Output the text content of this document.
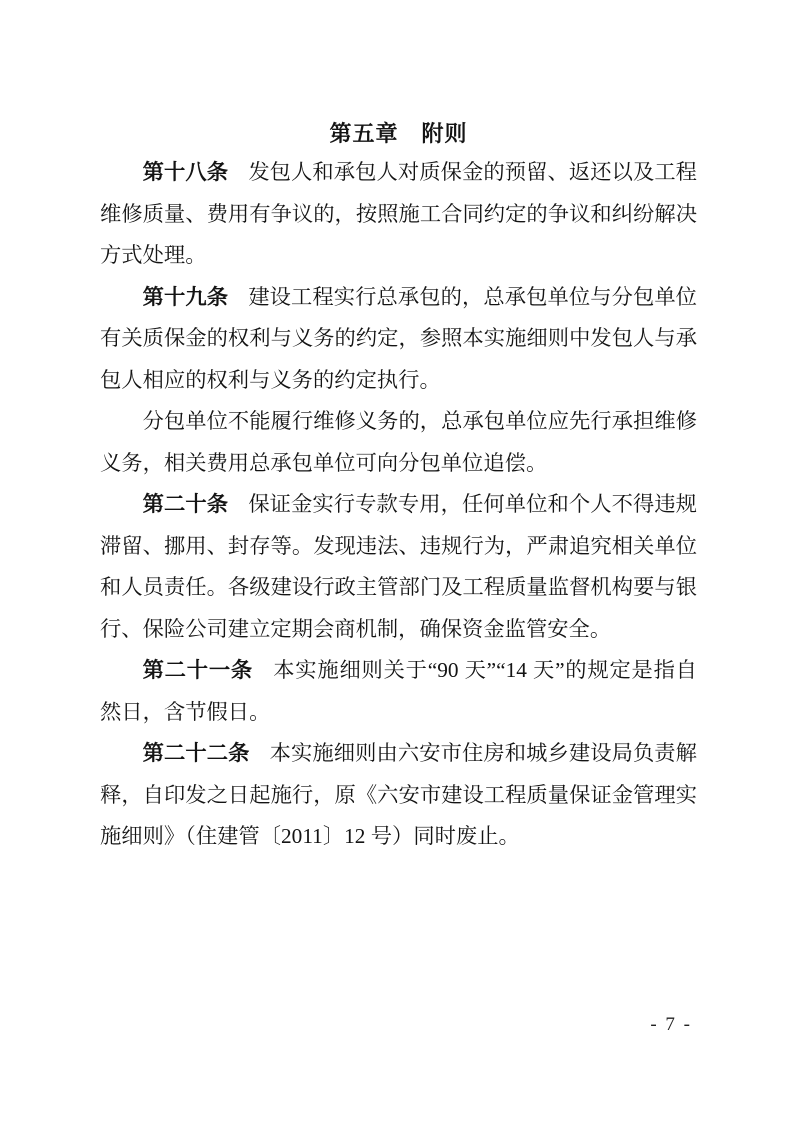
第五章　附则

第十八条 发包人和承包人对质保金的预留、返还以及工程维修质量、费用有争议的，按照施工合同约定的争议和纠纷解决方式处理。

第十九条 建设工程实行总承包的，总承包单位与分包单位有关质保金的权利与义务的约定，参照本实施细则中发包人与承包人相应的权利与义务的约定执行。

分包单位不能履行维修义务的，总承包单位应先行承担维修义务，相关费用总承包单位可向分包单位追偿。

第二十条 保证金实行专款专用，任何单位和个人不得违规滞留、挪用、封存等。发现违法、违规行为，严肃追究相关单位和人员责任。各级建设行政主管部门及工程质量监督机构要与银行、保险公司建立定期会商机制，确保资金监管安全。

第二十一条 本实施细则关于“90 天”“14 天”的规定是指自然日，含节假日。

第二十二条 本实施细则由六安市住房和城乡建设局负责解释，自印发之日起施行，原《六安市建设工程质量保证金管理实施细则》（住建管〔2011〕12 号）同时废止。

- 7 -
